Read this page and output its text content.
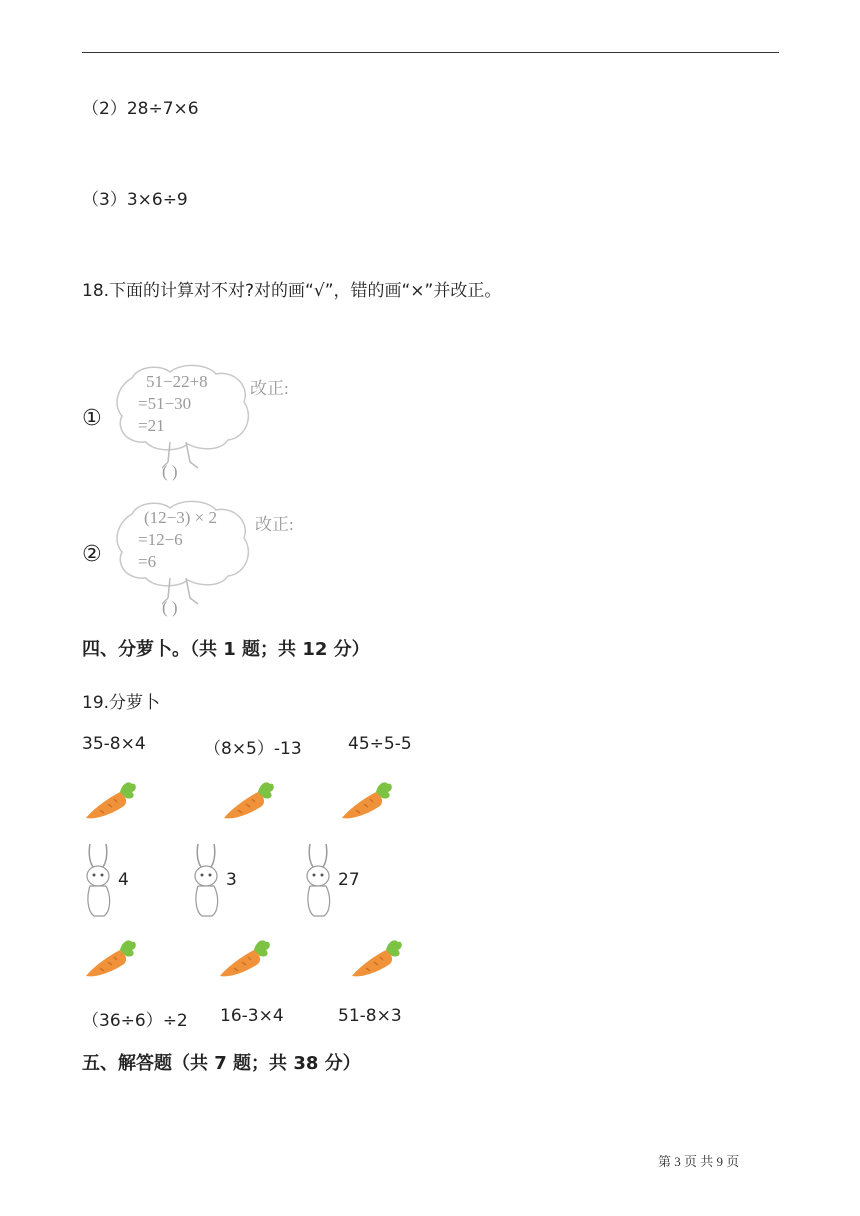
（2）28÷7×6
（3）3×6÷9
18.下面的计算对不对?对的画“√”，错的画“×”并改正。
①
51−22+8
=51−30
=21
改正:
( )
②
(12−3) × 2
=12−6
=6
改正:
( )
四、分萝卜。（共 1 题；共 12 分）
19.分萝卜
35-8×4	（8×5）-13	45÷5-5
4	3	27
（36÷6）÷2 16-3×4	51-8×3
五、解答题（共 7 题；共 38 分）
第 3 页 共 9 页
